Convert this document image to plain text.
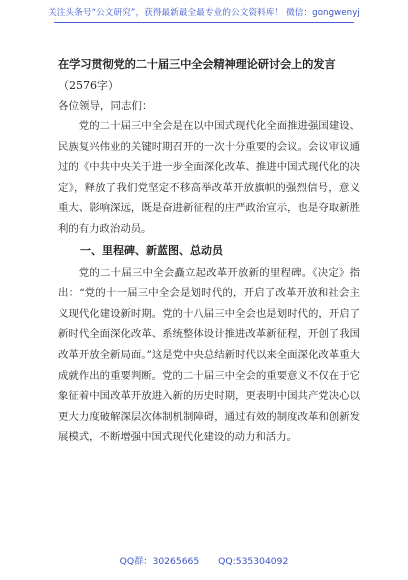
关注头条号“公文研究”，获得最新最全最专业的公文资料库！ 微信：gongwenyj
在学习贯彻党的二十届三中全会精神理论研讨会上的发言
（2576字）
各位领导，同志们：

党的二十届三中全会是在以中国式现代化全面推进强国建设、民族复兴伟业的关键时期召开的一次十分重要的会议。会议审议通过的《中共中央关于进一步全面深化改革、推进中国式现代化的决定》，释放了我们党坚定不移高举改革开放旗帜的强烈信号，意义重大、影响深远，既是奋进新征程的庄严政治宣示，也是夺取新胜利的有力政治动员。

一、里程碑、新蓝图、总动员

党的二十届三中全会矗立起改革开放新的里程碑。《决定》指出：“党的十一届三中全会是划时代的，开启了改革开放和社会主义现代化建设新时期。党的十八届三中全会也是划时代的，开启了新时代全面深化改革、系统整体设计推进改革新征程，开创了我国改革开放全新局面。”这是党中央总结新时代以来全面深化改革重大成就作出的重要判断。党的二十届三中全会的重要意义不仅在于它象征着中国改革开放进入新的历史时期，更表明中国共产党决心以更大力度破解深层次体制机制障碍，通过有效的制度改革和创新发展模式，不断增强中国式现代化建设的动力和活力。

QQ群：30265665 QQ:535304092
